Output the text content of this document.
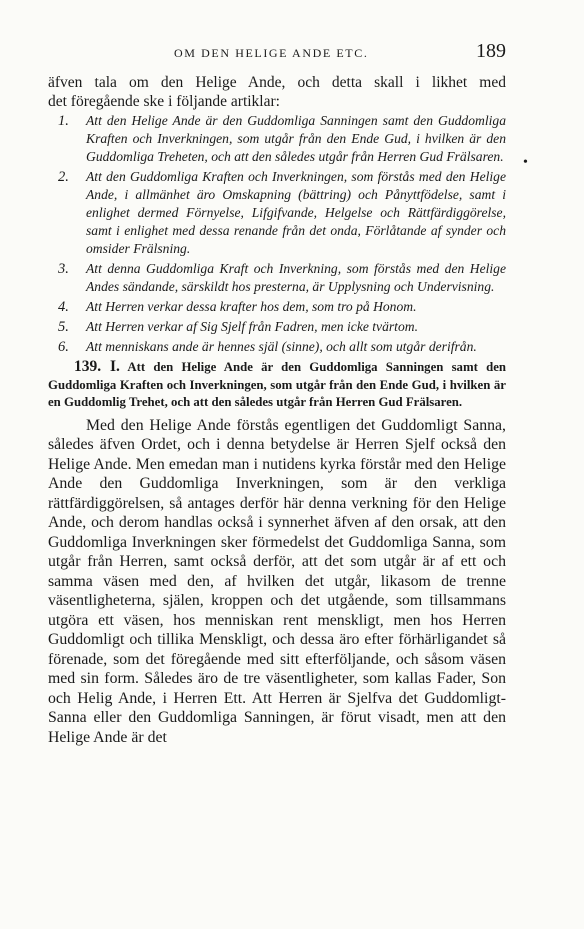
OM DEN HELIGE ANDE ETC.	189
•

äfven tala om den Helige Ande, och detta skall i likhet med
det föregående ske i följande artiklar:

1. Att den Helige Ande är den Guddomliga Sanningen samt den Guddomliga Kraften och Inverkningen, som utgår från den Ende Gud, i hvilken är den Guddomliga Treheten, och att den således utgår från Herren Gud Frälsaren.
2. Att den Guddomliga Kraften och Inverkningen, som förstås med den Helige Ande, i allmänhet äro Omskapning (bättring) och Pånyttfödelse, samt i enlighet dermed Förnyelse, Lifgifvande, Helgelse och Rättfärdiggörelse, samt i enlighet med dessa renande från det onda, Förlåtande af synder och omsider Frälsning.
3. Att denna Guddomliga Kraft och Inverkning, som förstås med den Helige Andes sändande, särskildt hos presterna, är Upplysning och Undervisning.
4. Att Herren verkar dessa krafter hos dem, som tro på Honom.
5. Att Herren verkar af Sig Sjelf från Fadren, men icke tvärtom.
6. Att menniskans ande är hennes själ (sinne), och allt som utgår derifrån.

139. I. Att den Helige Ande är den Guddomliga Sanningen samt den Guddomliga Kraften och Inverkningen, som utgår från den Ende Gud, i hvilken är en Guddomlig Trehet, och att den således utgår från Herren Gud Frälsaren.

Med den Helige Ande förstås egentligen det Guddomligt Sanna, således äfven Ordet, och i denna betydelse är Herren Sjelf också den Helige Ande. Men emedan man i nutidens kyrka förstår med den Helige Ande den Guddomliga Inverkningen, som är den verkliga rättfärdiggörelsen, så antages derför här denna verkning för den Helige Ande, och derom handlas också i synnerhet äfven af den orsak, att den Guddomliga Inverkningen sker förmedelst det Guddomliga Sanna, som utgår från Herren, samt också derför, att det som utgår är af ett och samma väsen med den, af hvilken det utgår, likasom de trenne väsentligheterna, själen, kroppen och det utgående, som tillsammans utgöra ett väsen, hos menniskan rent menskligt, men hos Herren Guddomligt och tillika Menskligt, och dessa äro efter förhärligandet så förenade, som det föregående med sitt efterföljande, och såsom väsen med sin form. Således äro de tre väsentligheter, som kallas Fader, Son och Helig Ande, i Herren Ett. Att Herren är Sjelfva det Guddomligt-Sanna eller den Guddomliga Sanningen, är förut visadt, men att den Helige Ande är det
